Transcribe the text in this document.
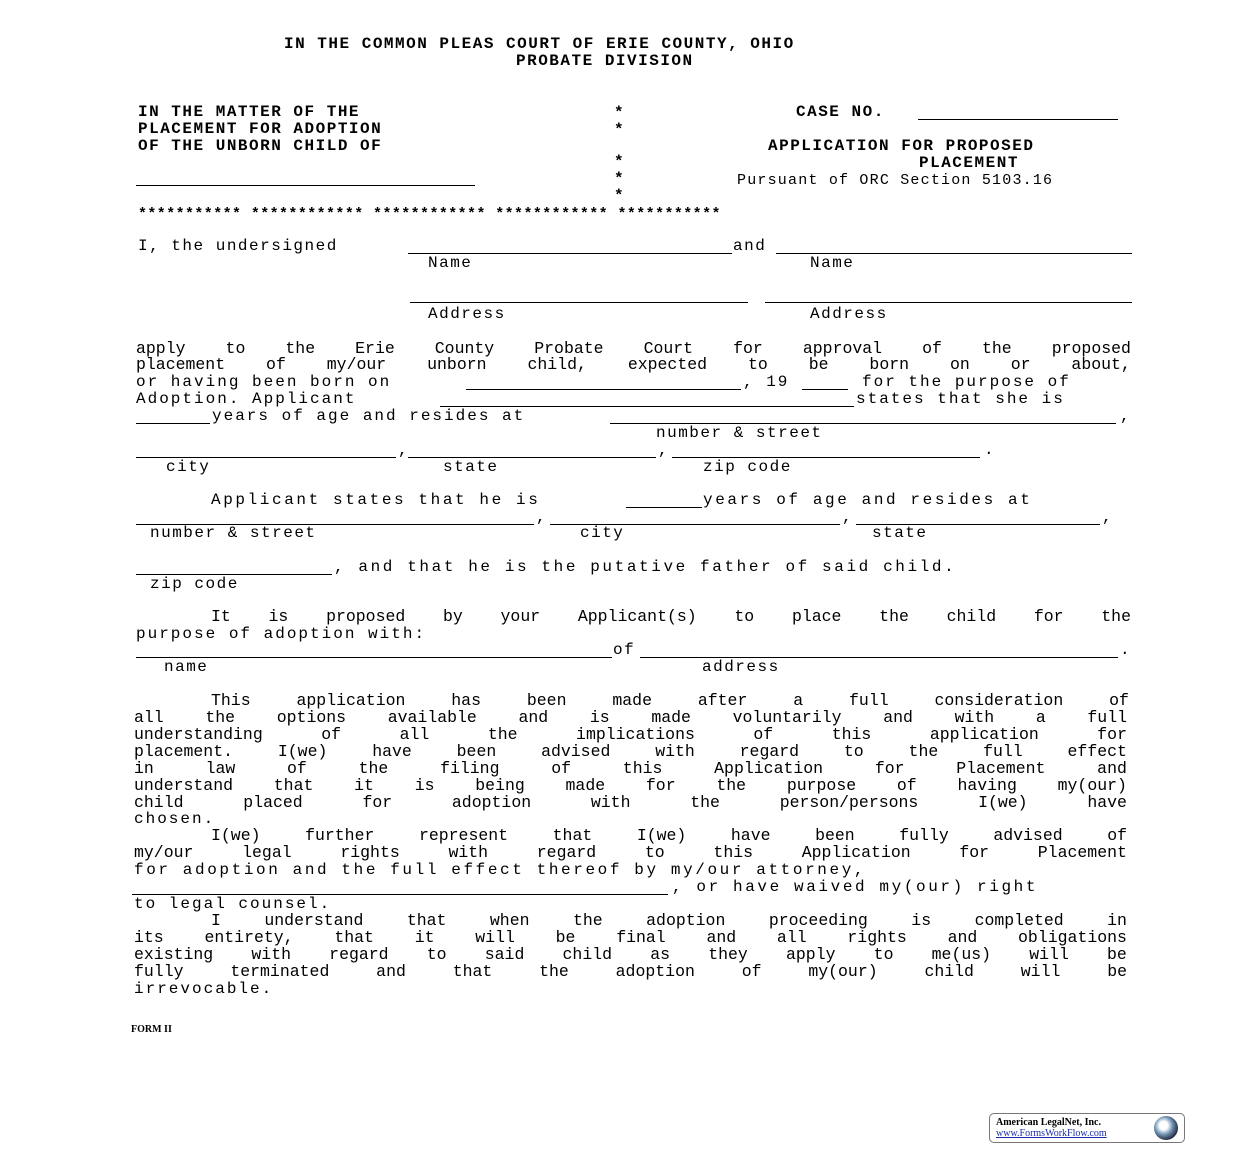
IN THE COMMON PLEAS COURT OF ERIE COUNTY, OHIO
PROBATE DIVISION
IN THE MATTER OF THE
PLACEMENT FOR ADOPTION
OF THE UNBORN CHILD OF
*
*
*
*
*
CASE NO.
APPLICATION FOR PROPOSED
PLACEMENT
Pursuant of ORC Section 5103.16
*********** ************ ************ ************ ***********
I, the undersigned	and
Name	Name
Address	Address
apply to the Erie County Probate Court for approval of the proposed
placement of my/our unborn child, expected to be born on or about,
or having been born on	, 19	for the purpose of
Adoption. Applicant	states that she is
years of age and resides at	,
number & street
,	,	.
city	state	zip code
Applicant states that he is	years of age and resides at
,	,	,
number & street	city	state
, and that he is the putative father of said child.
zip code
It is proposed by your Applicant(s) to place the child for the
purpose of adoption with:
of	.
name	address
This	application	has	been	made	after	a	full	consideration	of
all	the	options	available	and	is	made	voluntarily	and	with	a	full
understanding	of	all	the	implications	of	this	application	for
placement.	I(we)	have	been	advised	with	regard	to	the	full	effect
in	law	of	the	filing	of	this	Application	for	Placement	and
understand that it is being made for the purpose of having my(our)
child	placed	for	adoption	with	the	person/persons	I(we)	have
chosen.
I(we)	further	represent	that	I(we)	have	been	fully	advised	of
my/our	legal	rights	with	regard	to	this	Application	for	Placement
for adoption and the full effect thereof by my/our attorney,
, or have waived my(our) right
to legal counsel.
I	understand	that	when	the	adoption	proceeding	is	completed	in
its entirety, that it will be final and all rights and obligations
existing with regard to said child as they apply to me(us) will be
fully	terminated	and	that	the	adoption	of	my(our)	child	will	be
irrevocable.
FORM II
American LegalNet, Inc.
www.FormsWorkFlow.com
